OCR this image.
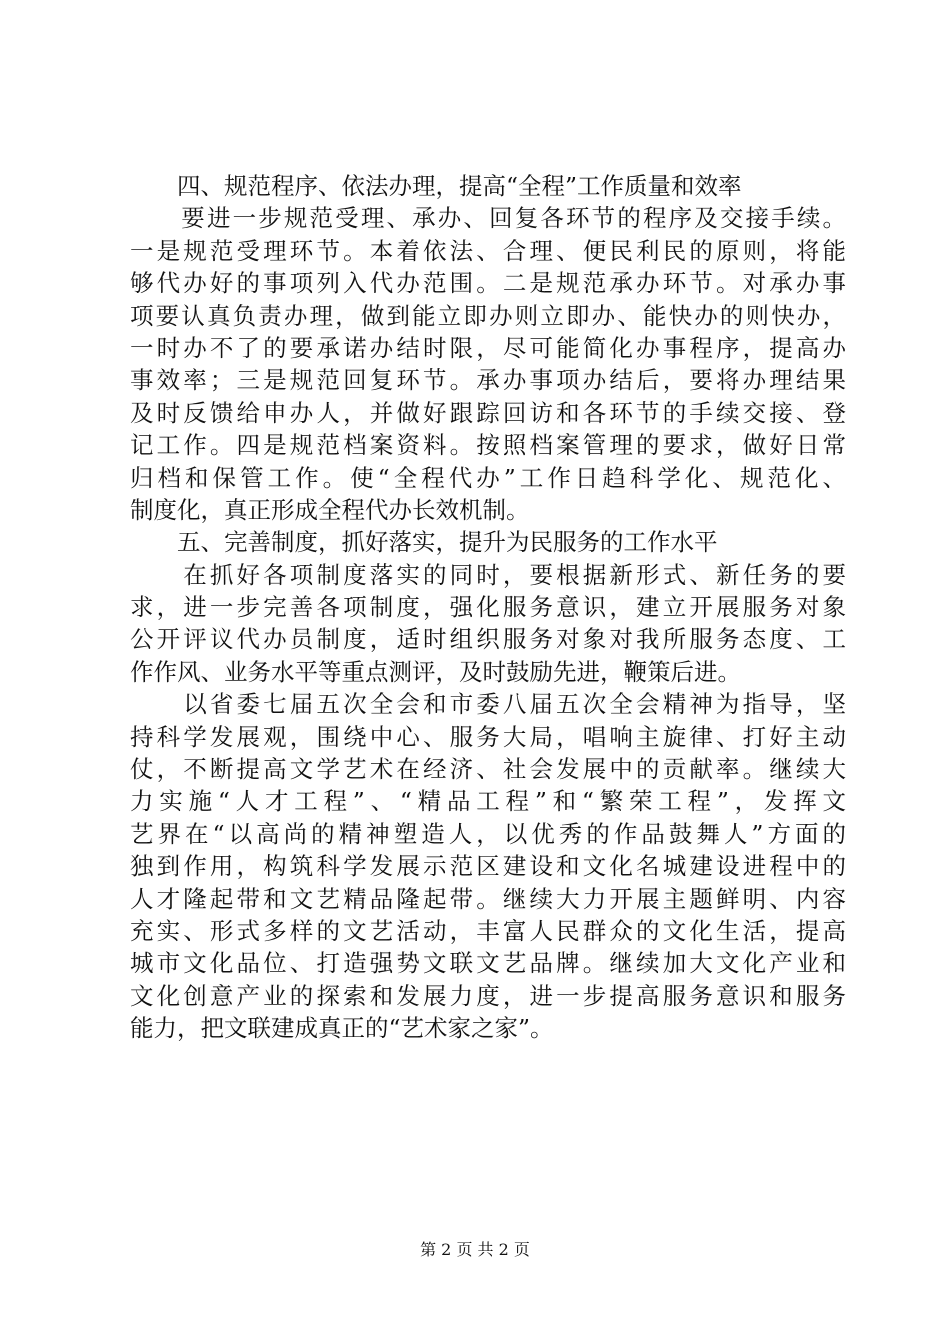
　　四、规范程序、依法办理，提高“全程”工作质量和效率
　　要进一步规范受理、承办、回复各环节的程序及交接手续。
一是规范受理环节。本着依法、合理、便民利民的原则，将能
够代办好的事项列入代办范围。二是规范承办环节。对承办事
项要认真负责办理，做到能立即办则立即办、能快办的则快办，
一时办不了的要承诺办结时限，尽可能简化办事程序，提高办
事效率；三是规范回复环节。承办事项办结后，要将办理结果
及时反馈给申办人，并做好跟踪回访和各环节的手续交接、登
记工作。四是规范档案资料。按照档案管理的要求，做好日常
归档和保管工作。使“全程代办”工作日趋科学化、规范化、
制度化，真正形成全程代办长效机制。
　　五、完善制度，抓好落实，提升为民服务的工作水平
　　在抓好各项制度落实的同时，要根据新形式、新任务的要
求，进一步完善各项制度，强化服务意识，建立开展服务对象
公开评议代办员制度，适时组织服务对象对我所服务态度、工
作作风、业务水平等重点测评，及时鼓励先进，鞭策后进。
　　以省委七届五次全会和市委八届五次全会精神为指导，坚
持科学发展观，围绕中心、服务大局，唱响主旋律、打好主动
仗，不断提高文学艺术在经济、社会发展中的贡献率。继续大
力实施“人才工程”、“精品工程”和“繁荣工程”，发挥文
艺界在“以高尚的精神塑造人，以优秀的作品鼓舞人”方面的
独到作用，构筑科学发展示范区建设和文化名城建设进程中的
人才隆起带和文艺精品隆起带。继续大力开展主题鲜明、内容
充实、形式多样的文艺活动，丰富人民群众的文化生活，提高
城市文化品位、打造强势文联文艺品牌。继续加大文化产业和
文化创意产业的探索和发展力度，进一步提高服务意识和服务
能力，把文联建成真正的“艺术家之家”。
第 2 页 共 2 页
